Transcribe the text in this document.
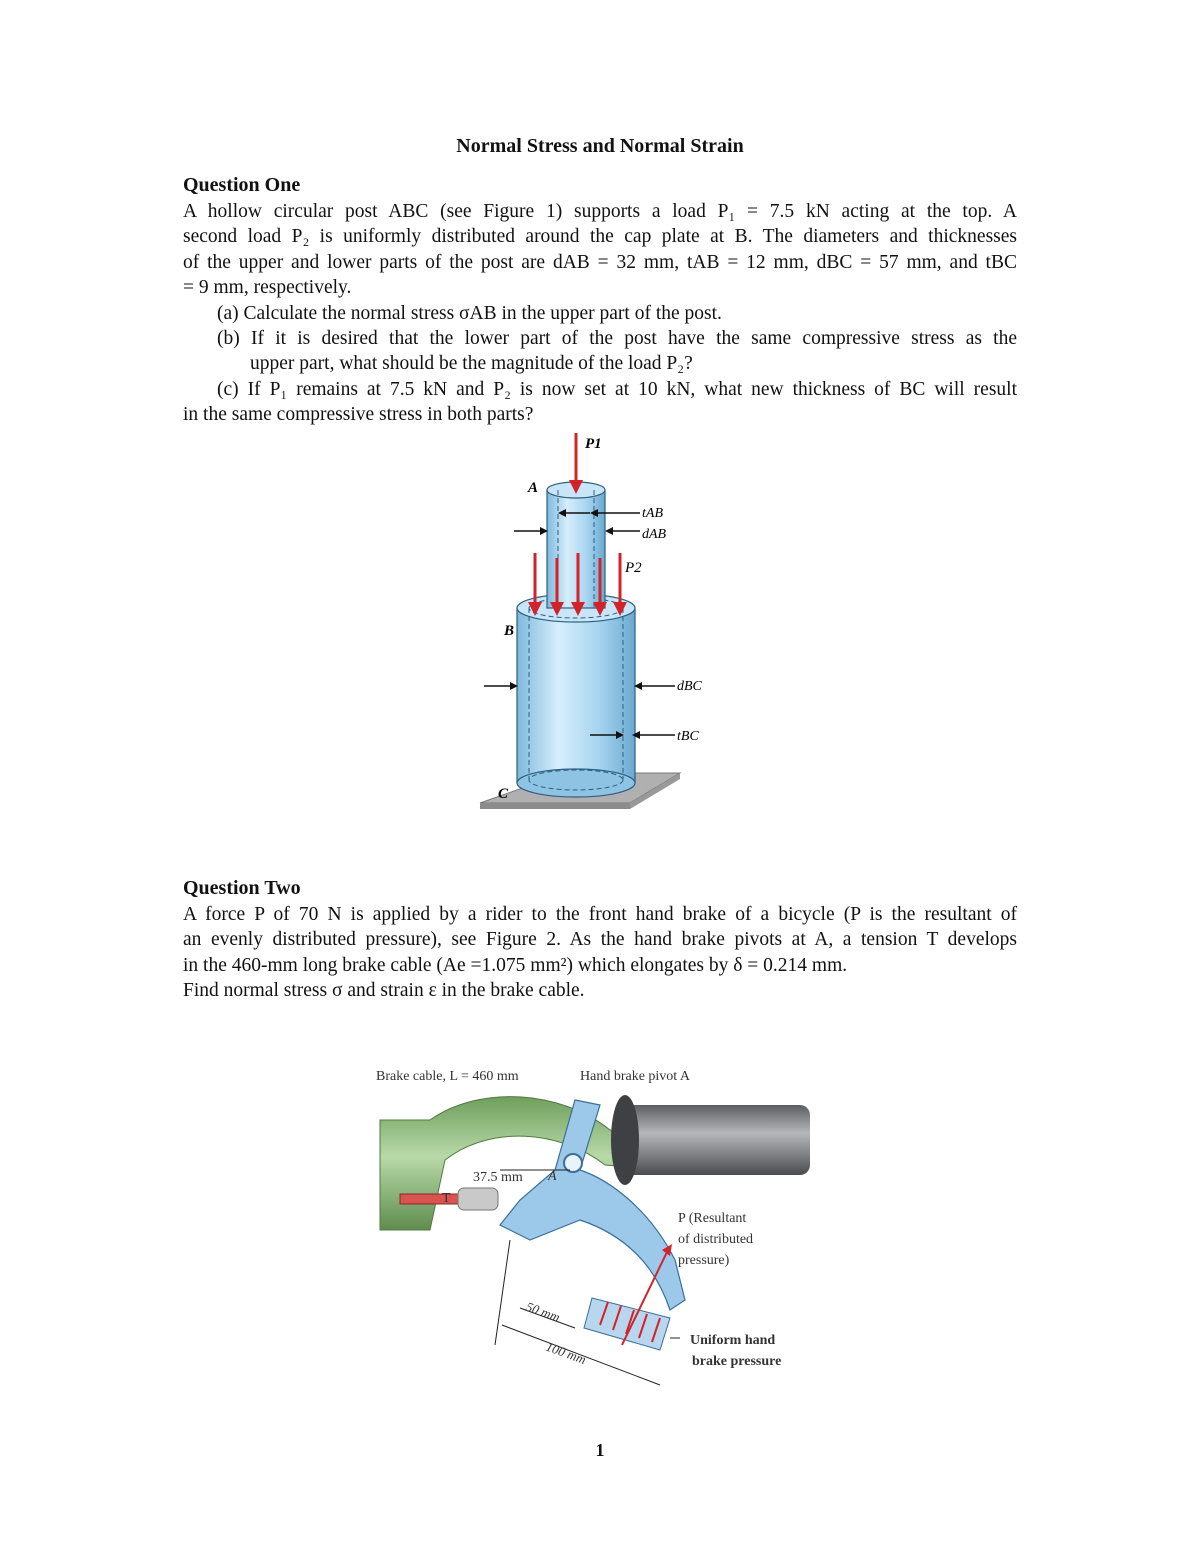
Normal Stress and Normal Strain
Question One
A hollow circular post ABC (see Figure 1) supports a load P₁ = 7.5 kN acting at the top. A
second load P₂ is uniformly distributed around the cap plate at B. The diameters and thicknesses
of the upper and lower parts of the post are dAB = 32 mm, tAB = 12 mm, dBC = 57 mm, and tBC
= 9 mm, respectively.
(a) Calculate the normal stress σAB in the upper part of the post.
(b) If it is desired that the lower part of the post have the same compressive stress as the
upper part, what should be the magnitude of the load P₂?
(c) If P₁ remains at 7.5 kN and P₂ is now set at 10 kN, what new thickness of BC will result
in the same compressive stress in both parts?
P1
A
tAB
dAB
P2
B
dBC
tBC
C
Question Two
A force P of 70 N is applied by a rider to the front hand brake of a bicycle (P is the resultant of
an evenly distributed pressure), see Figure 2. As the hand brake pivots at A, a tension T develops
in the 460-mm long brake cable (Ae =1.075 mm²) which elongates by δ = 0.214 mm.
Find normal stress σ and strain ε in the brake cable.
Brake cable, L = 460 mm	Hand brake pivot A
37.5 mm A
T
P (Resultant
of distributed
pressure)
50 mm
100 mm	Uniform hand
brake pressure
1
